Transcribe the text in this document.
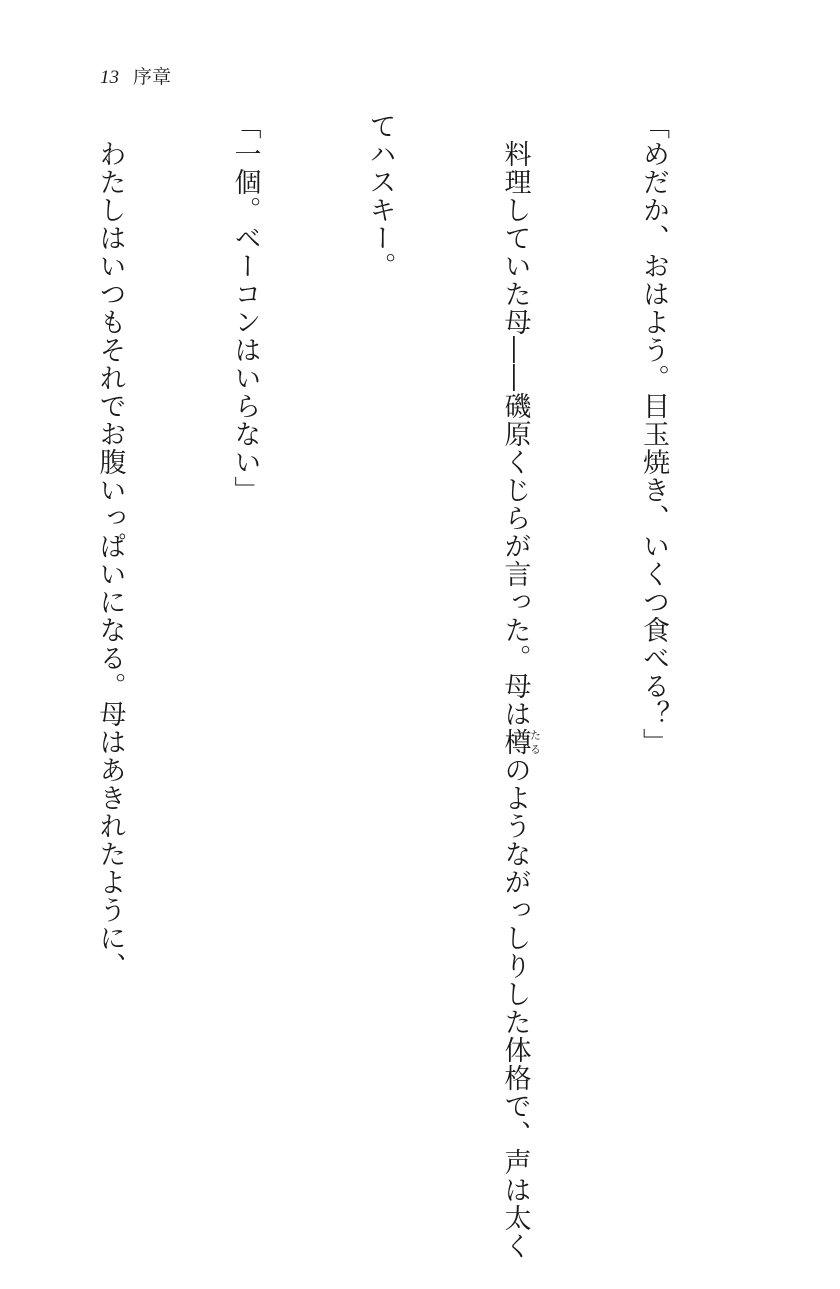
13 序章

「めだか、おはよう。目玉焼き、いくつ食べる？」

　料理していた母――磯原くじらが言った。母は樽たるのようながっしりした体格で、声は太く

てハスキー。

「一個。ベーコンはいらない」

　わたしはいつもそれでお腹いっぱいになる。母はあきれたように、
